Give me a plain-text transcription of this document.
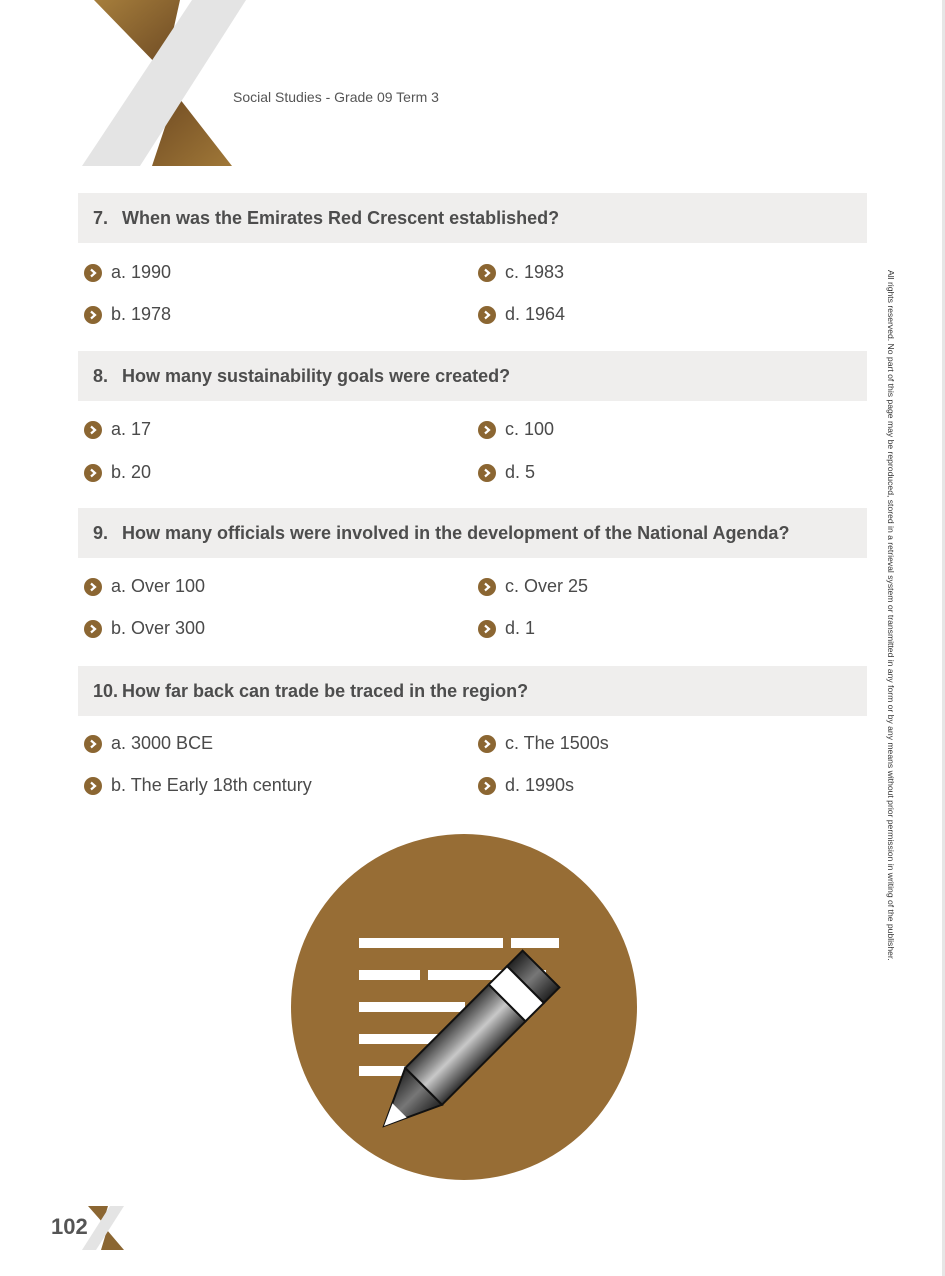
Social Studies - Grade 09 Term 3
7. When was the Emirates Red Crescent established?
a. 1990
b. 1978
c. 1983
d. 1964
8. How many sustainability goals were created?
a. 17
b. 20
c. 100
d. 5
9. How many officials were involved in the development of the National Agenda?
a. Over 100
b. Over 300
c. Over 25
d. 1
10. How far back can trade be traced in the region?
a. 3000 BCE
b. The Early 18th century
c. The 1500s
d. 1990s	All rights reserved. No part of this page may be reproduced, stored in a retrieval system or transmitted in any form or by any means without prior permission in writing of the publisher.
102
